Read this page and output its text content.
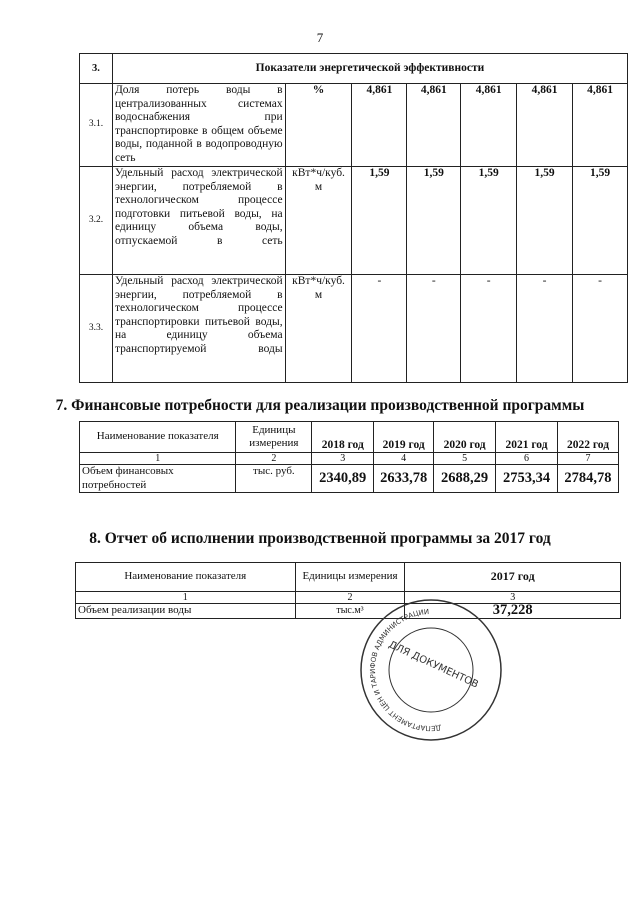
7
3.	Показатели энергетической эффективности						
3.1.	Доля потерь воды в централизованных системах водоснабжения при транспортировке в общем объеме воды, поданной в водопроводную сеть	%	4,861	4,861	4,861	4,861	4,861
3.2.	Удельный расход электрической энергии, потребляемой в технологическом процессе подготовки питьевой воды, на единицу объема воды, отпускаемой в сеть	кВт*ч/куб. м	1,59	1,59	1,59	1,59	1,59
3.3.	Удельный расход электрической энергии, потребляемой в технологическом процессе транспортировки питьевой воды, на единицу объема транспортируемой воды	кВт*ч/куб. м	-	-	-	-	-
7. Финансовые потребности для реализации производственной программы
Наименование показателя	Единицы измерения	2018 год	2019 год	2020 год	2021 год	2022 год
1	2	3	4	5	6	7
Объем финансовых потребностей	тыс. руб.	2340,89	2633,78	2688,29	2753,34	2784,78
8. Отчет об исполнении производственной программы за 2017 год
Наименование показателя	Единицы измерения	2017 год
1	2	3
Объем реализации воды	тыс.м³	37,228
ДЕПАРТАМЕНТ ЦЕН И ТАРИФОВ АДМИНИСТРАЦИИ
ДЛЯ ДОКУМЕНТОВ
